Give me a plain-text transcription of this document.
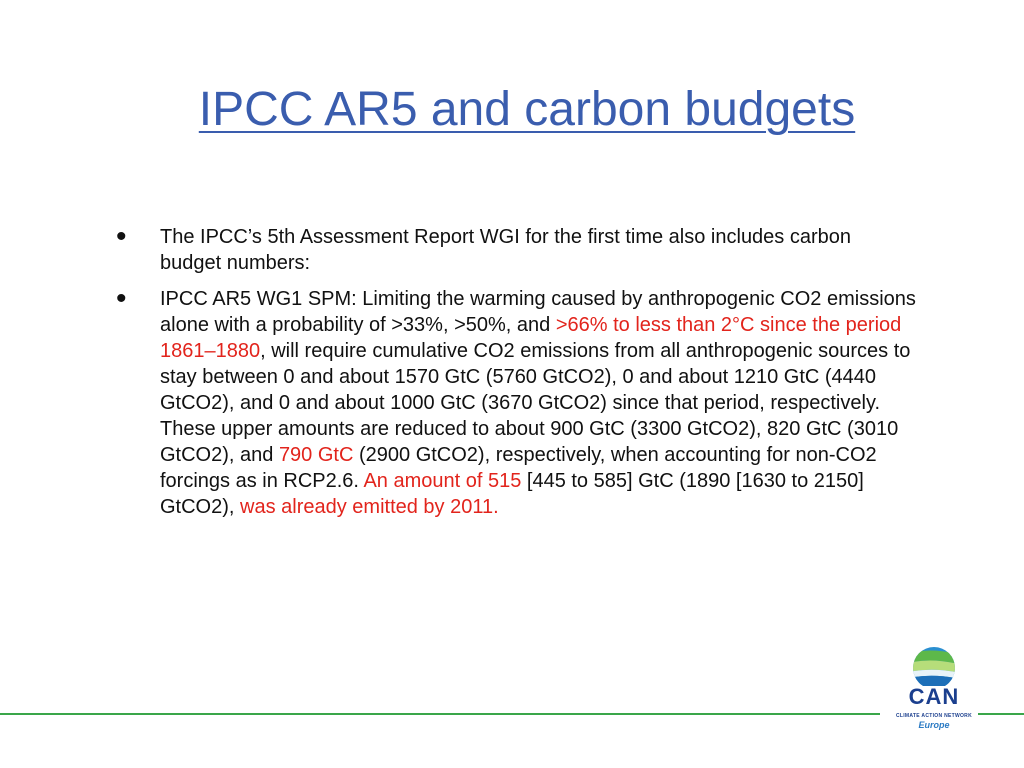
IPCC AR5 and carbon budgets
• The IPCC’s 5th Assessment Report WGI for the first time also includes carbon budget numbers:
• IPCC AR5 WG1 SPM: Limiting the warming caused by anthropogenic CO2 emissions alone with a probability of >33%, >50%, and >66% to less than 2°C since the period 1861–1880, will require cumulative CO2 emissions from all anthropogenic sources to stay between 0 and about 1570 GtC (5760 GtCO2), 0 and about 1210 GtC (4440 GtCO2), and 0 and about 1000 GtC (3670 GtCO2) since that period, respectively. These upper amounts are reduced to about 900 GtC (3300 GtCO2), 820 GtC (3010 GtCO2), and 790 GtC (2900 GtCO2), respectively, when accounting for non-CO2 forcings as in RCP2.6. An amount of 515 [445 to 585] GtC (1890 [1630 to 2150] GtCO2), was already emitted by 2011.
CAN
CLIMATE ACTION NETWORK
Europe
